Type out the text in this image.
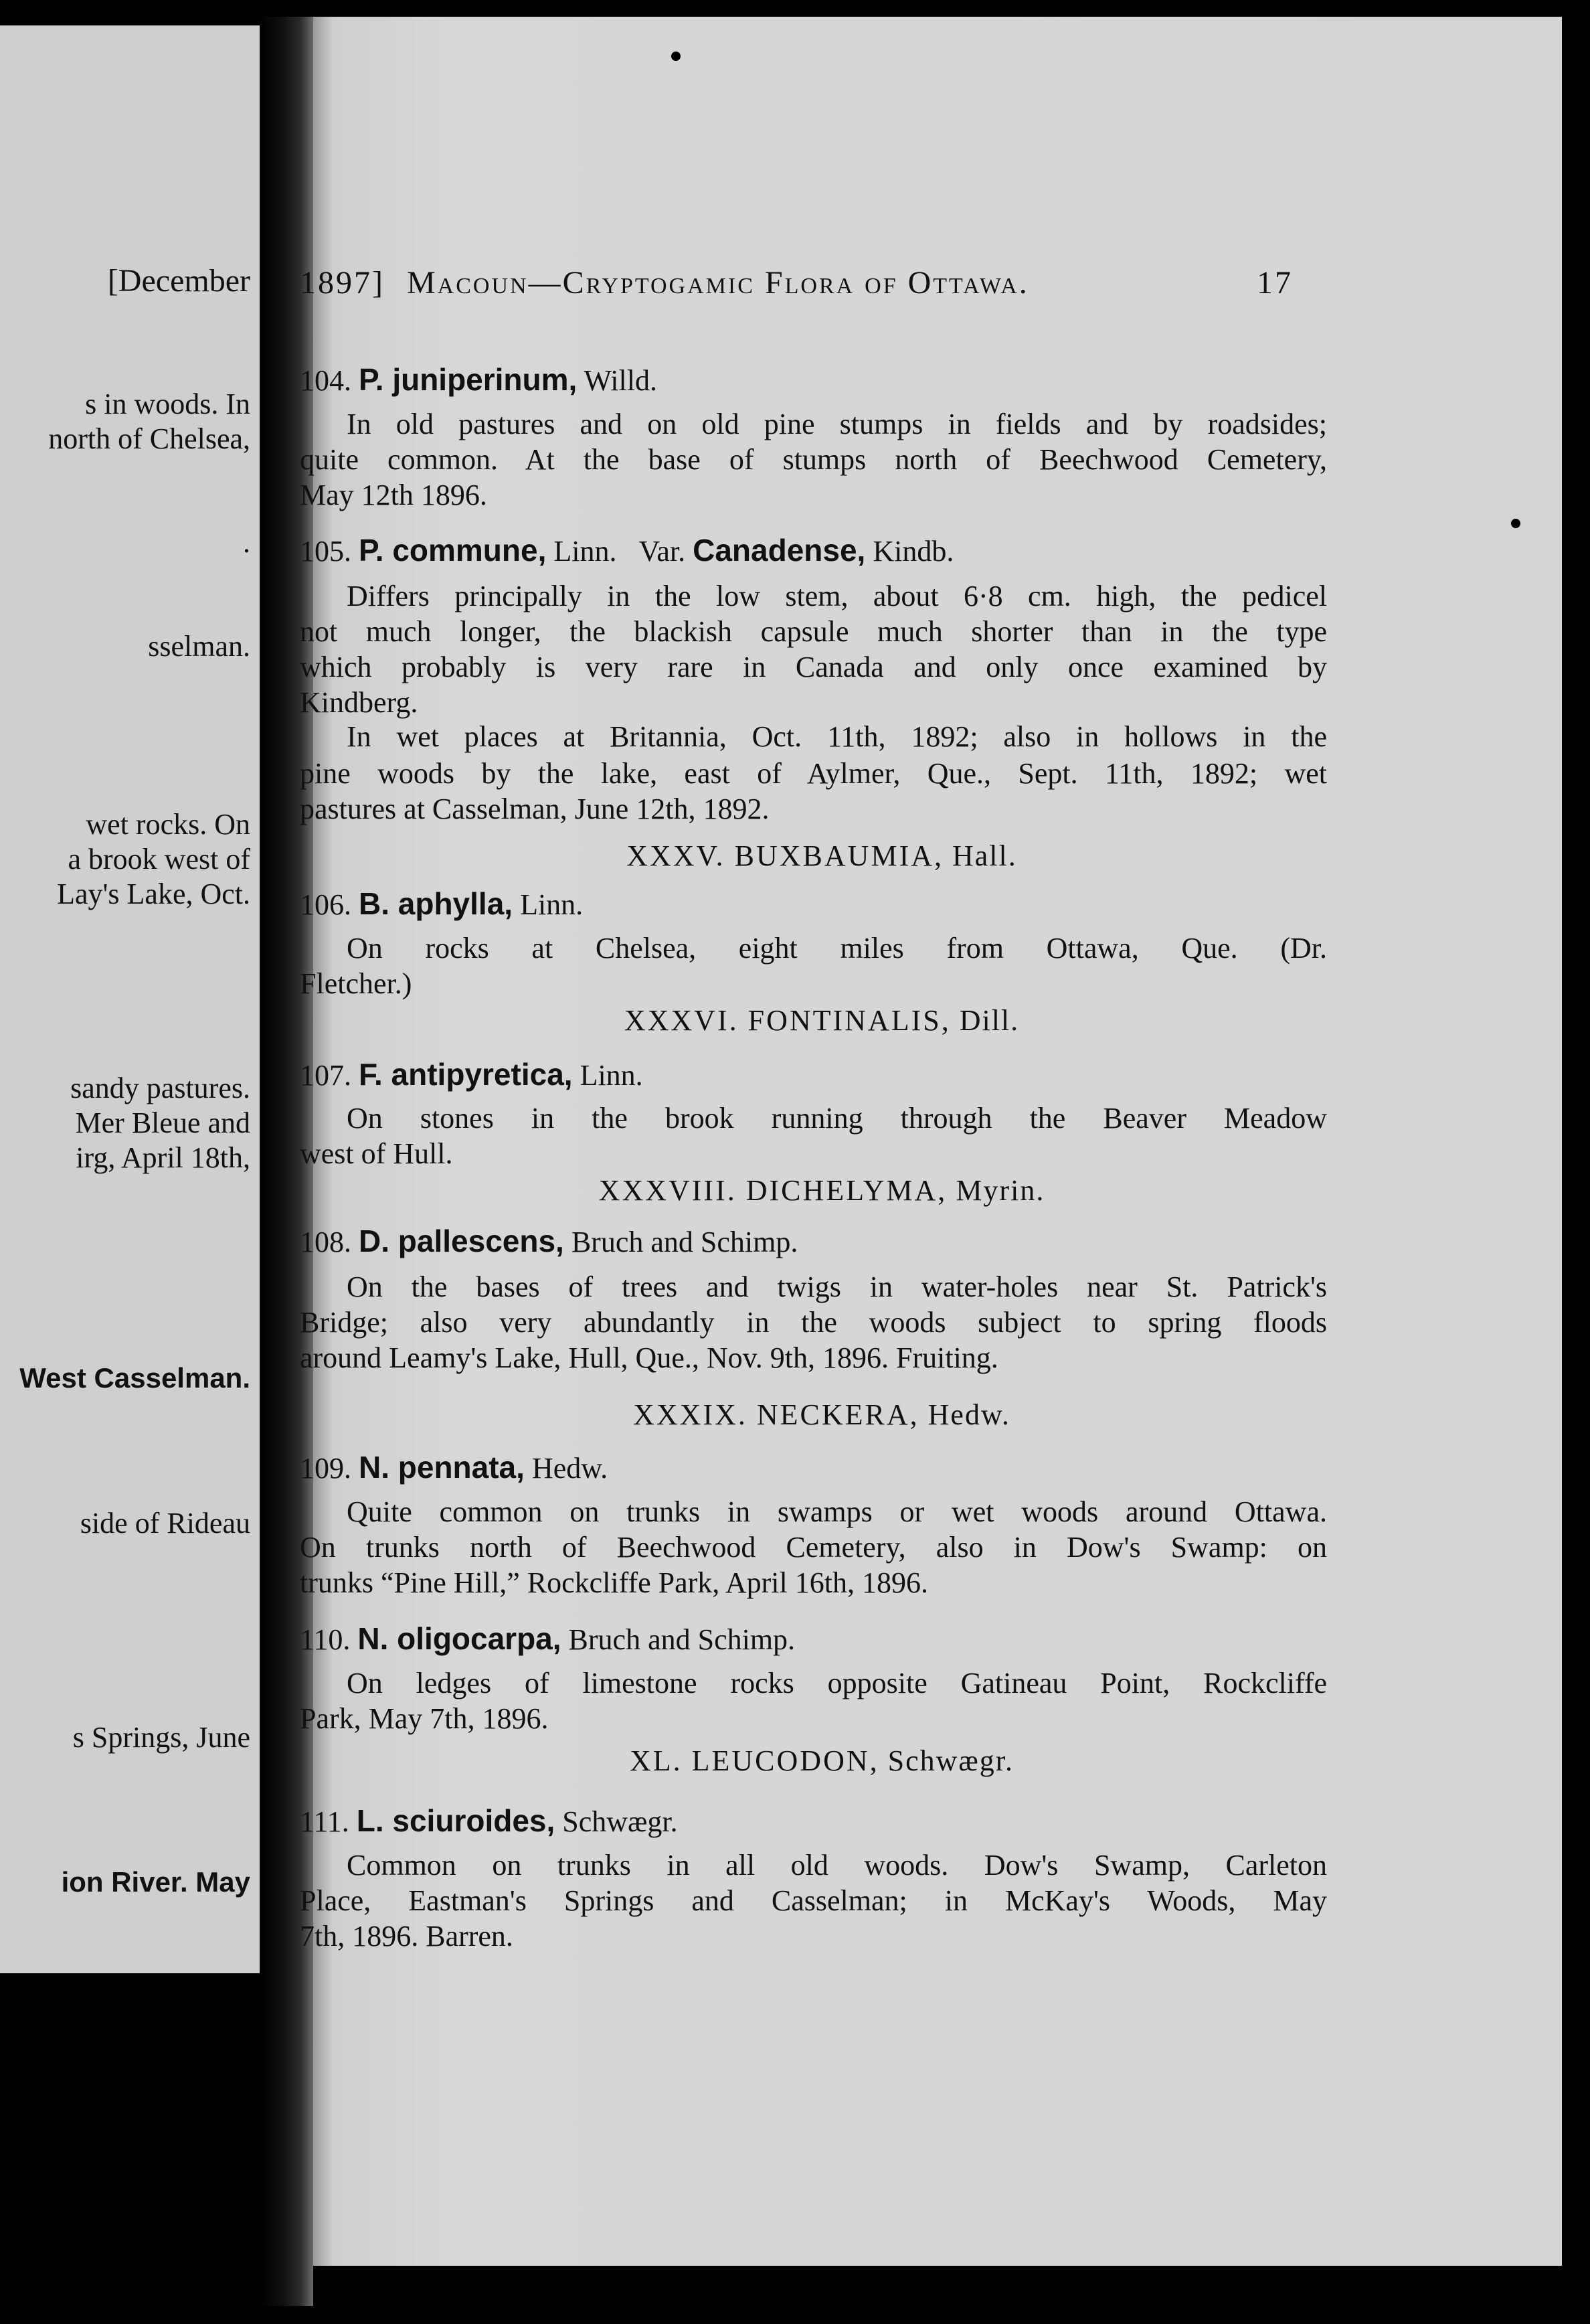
[December
s in woods. In
north of Chelsea,
.
sselman.
wet rocks. On
a brook west of
Lay's Lake, Oct.
sandy pastures.
Mer Bleue and
irg, April 18th,
West Casselman.
side of Rideau
s Springs, June
ion River. May
1897] Macoun—Cryptogamic Flora of Ottawa.	17
104. P. juniperinum, Willd.
In old pastures and on old pine stumps in fields and by roadsides;
quite common. At the base of stumps north of Beechwood Cemetery,
May 12th 1896.
105. P. commune, Linn. Var. Canadense, Kindb.
Differs principally in the low stem, about 6·8 cm. high, the pedicel
not much longer, the blackish capsule much shorter than in the type
which probably is very rare in Canada and only once examined by
Kindberg.
In wet places at Britannia, Oct. 11th, 1892; also in hollows in the
pine woods by the lake, east of Aylmer, Que., Sept. 11th, 1892; wet
pastures at Casselman, June 12th, 1892.
XXXV. BUXBAUMIA, Hall.
106. B. aphylla, Linn.
On rocks at Chelsea, eight miles from Ottawa, Que. (Dr.
Fletcher.)
XXXVI. FONTINALIS, Dill.
107. F. antipyretica, Linn.
On stones in the brook running through the Beaver Meadow
west of Hull.
XXXVIII. DICHELYMA, Myrin.
108. D. pallescens, Bruch and Schimp.
On the bases of trees and twigs in water-holes near St. Patrick's
Bridge; also very abundantly in the woods subject to spring floods
around Leamy's Lake, Hull, Que., Nov. 9th, 1896. Fruiting.
XXXIX. NECKERA, Hedw.
109. N. pennata, Hedw.
Quite common on trunks in swamps or wet woods around Ottawa.
On trunks north of Beechwood Cemetery, also in Dow's Swamp: on
trunks “Pine Hill,” Rockcliffe Park, April 16th, 1896.
110. N. oligocarpa, Bruch and Schimp.
On ledges of limestone rocks opposite Gatineau Point, Rockcliffe
Park, May 7th, 1896.
XL. LEUCODON, Schwægr.
111. L. sciuroides, Schwægr.
Common on trunks in all old woods. Dow's Swamp, Carleton
Place, Eastman's Springs and Casselman; in McKay's Woods, May
7th, 1896. Barren.
